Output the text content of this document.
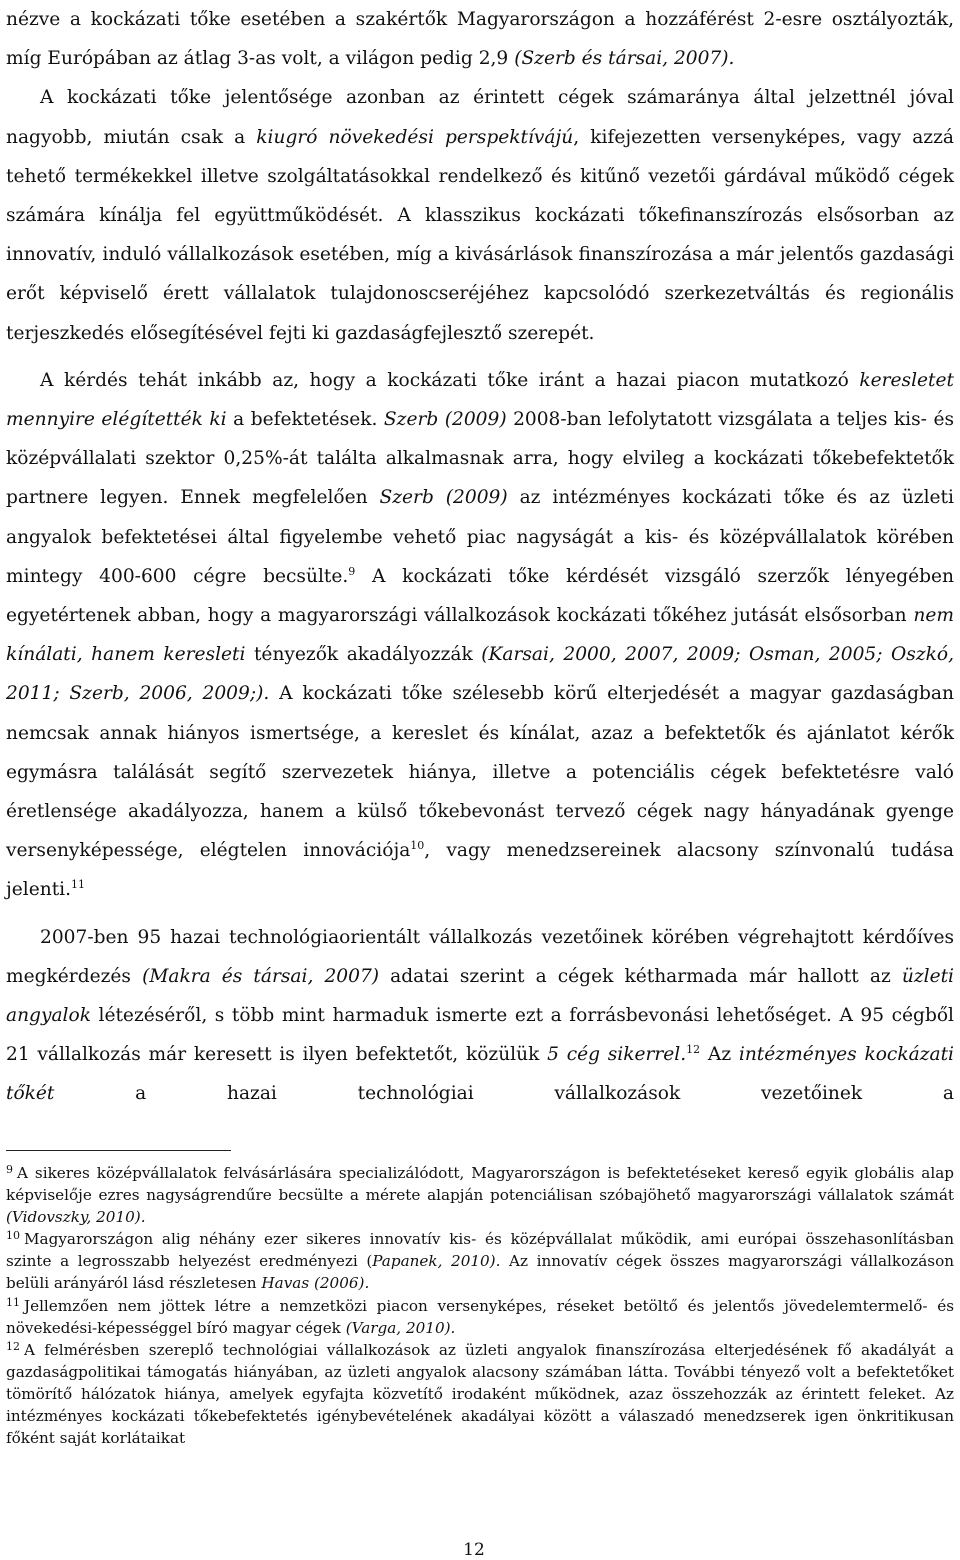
nézve a kockázati tőke esetében a szakértők Magyarországon a hozzáférést 2-esre osztályozták, míg Európában az átlag 3-as volt, a világon pedig 2,9 (Szerb és társai, 2007).

A kockázati tőke jelentősége azonban az érintett cégek számaránya által jelzettnél jóval nagyobb, miután csak a kiugró növekedési perspektívájú, kifejezetten versenyképes, vagy azzá tehető termékekkel illetve szolgáltatásokkal rendelkező és kitűnő vezetői gárdával működő cégek számára kínálja fel együttműködését. A klasszikus kockázati tőkefinanszírozás elsősorban az innovatív, induló vállalkozások esetében, míg a kivásárlások finanszírozása a már jelentős gazdasági erőt képviselő érett vállalatok tulajdonoscseréjéhez kapcsolódó szerkezetváltás és regionális terjeszkedés elősegítésével fejti ki gazdaságfejlesztő szerepét.

A kérdés tehát inkább az, hogy a kockázati tőke iránt a hazai piacon mutatkozó keresletet mennyire elégítették ki a befektetések. Szerb (2009) 2008-ban lefolytatott vizsgálata a teljes kis- és középvállalati szektor 0,25%-át találta alkalmasnak arra, hogy elvileg a kockázati tőkebefektetők partnere legyen. Ennek megfelelően Szerb (2009) az intézményes kockázati tőke és az üzleti angyalok befektetései által figyelembe vehető piac nagyságát a kis- és középvállalatok körében mintegy 400-600 cégre becsülte.$^9$ A kockázati tőke kérdését vizsgáló szerzők lényegében egyetértenek abban, hogy a magyarországi vállalkozások kockázati tőkéhez jutását elsősorban nem kínálati, hanem keresleti tényezők akadályozzák (Karsai, 2000, 2007, 2009; Osman, 2005; Oszkó, 2011; Szerb, 2006, 2009;). A kockázati tőke szélesebb körű elterjedését a magyar gazdaságban nemcsak annak hiányos ismertsége, a kereslet és kínálat, azaz a befektetők és ajánlatot kérők egymásra találását segítő szervezetek hiánya, illetve a potenciális cégek befektetésre való éretlensége akadályozza, hanem a külső tőkebevonást tervező cégek nagy hányadának gyenge versenyképessége, elégtelen innovációja$^{10}$, vagy menedzsereinek alacsony színvonalú tudása jelenti.$^{11}$

2007-ben 95 hazai technológiaorientált vállalkozás vezetőinek körében végrehajtott kérdőíves megkérdezés (Makra és társai, 2007) adatai szerint a cégek kétharmada már hallott az üzleti angyalok létezéséről, s több mint harmaduk ismerte ezt a forrásbevonási lehetőséget. A 95 cégből 21 vállalkozás már keresett is ilyen befektetőt, közülük 5 cég sikerrel.$^{12}$ Az intézményes kockázati tőkét a hazai technológiai vállalkozások vezetőinek a

$^9$ A sikeres középvállalatok felvásárlására specializálódott, Magyarországon is befektetéseket kereső egyik globális alap képviselője ezres nagyságrendűre becsülte a mérete alapján potenciálisan szóbajöhető magyarországi vállalatok számát (Vidovszky, 2010).

$^{10}$ Magyarországon alig néhány ezer sikeres innovatív kis- és középvállalat működik, ami európai összehasonlításban szinte a legrosszabb helyezést eredményezi (Papanek, 2010). Az innovatív cégek összes magyarországi vállalkozáson belüli arányáról lásd részletesen Havas (2006).

$^{11}$ Jellemzően nem jöttek létre a nemzetközi piacon versenyképes, réseket betöltő és jelentős jövedelemtermelő- és növekedési-képességgel bíró magyar cégek (Varga, 2010).

$^{12}$ A felmérésben szereplő technológiai vállalkozások az üzleti angyalok finanszírozása elterjedésének fő akadályát a gazdaságpolitikai támogatás hiányában, az üzleti angyalok alacsony számában látta. További tényező volt a befektetőket tömörítő hálózatok hiánya, amelyek egyfajta közvetítő irodaként működnek, azaz összehozzák az érintett feleket. Az intézményes kockázati tőkebefektetés igénybevételének akadályai között a válaszadó menedzserek igen önkritikusan főként saját korlátaikat

12
